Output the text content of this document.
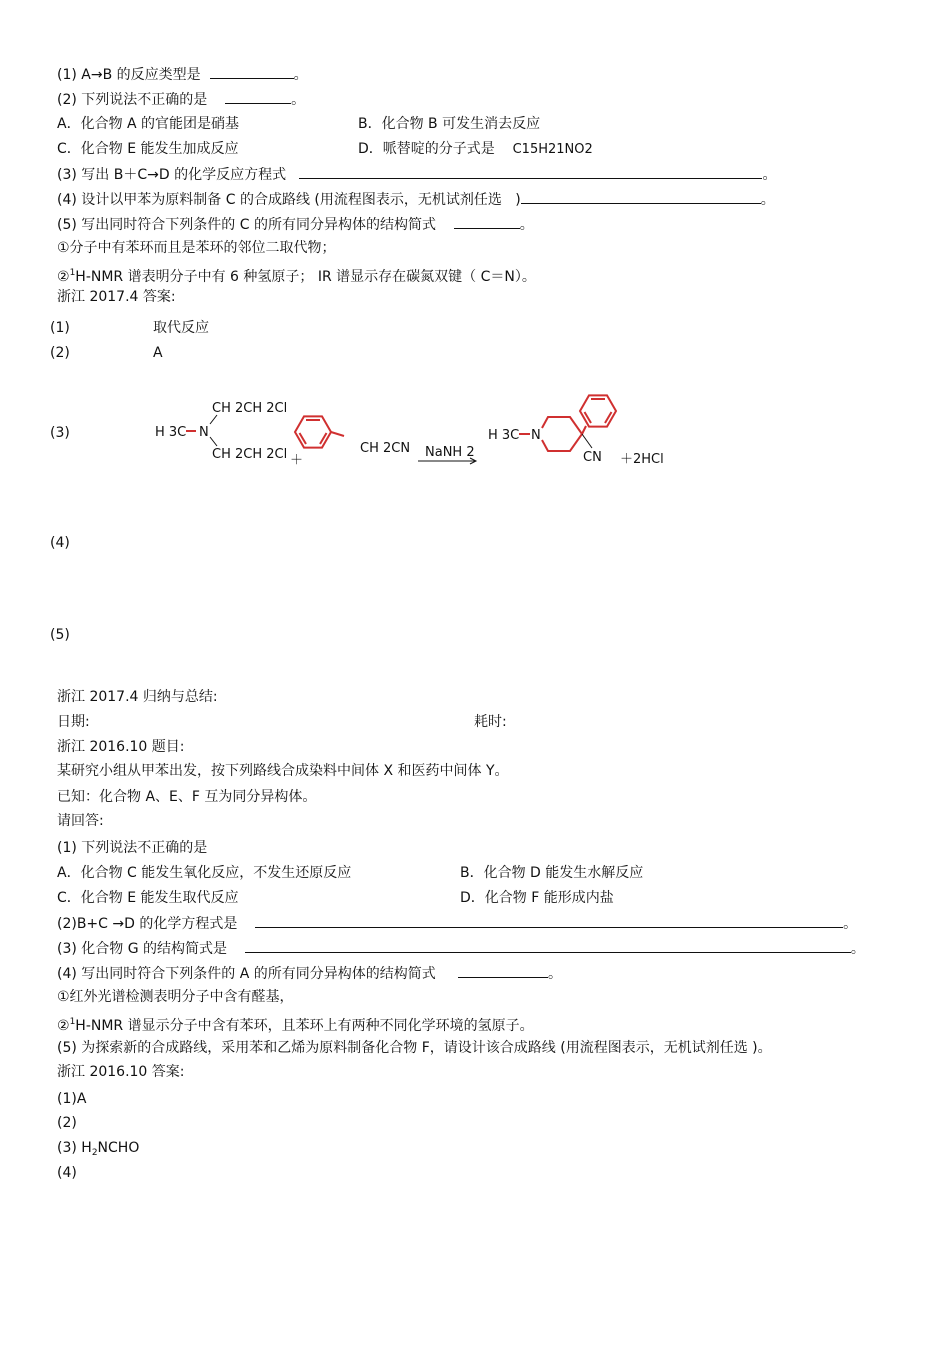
(1) A→B 的反应类型是	。
(2) 下列说法不正确的是	。
A．化合物 A 的官能团是硝基	B．化合物 B 可发生消去反应
C．化合物 E 能发生加成反应	D．哌替啶的分子式是 C15H21NO2
(3) 写出 B＋C→D 的化学反应方程式	。
(4) 设计以甲苯为原料制备 C 的合成路线 (用流程图表示，无机试剂任选 )	。
(5) 写出同时符合下列条件的 C 的所有同分异构体的结构简式	。
①分子中有苯环而且是苯环的邻位二取代物；
②$^1$H-NMR 谱表明分子中有 6 种氢原子； IR 谱显示存在碳氮双键（ C＝N）。
浙江 2017.4 答案:
(1)	取代反应
(2)	A
(3)
CH 2CH 2Cl
H 3C N
CH 2CH 2Cl ＋
CH 2CN NaNH 2
H 3C N
CN ＋2HCl
(4)
(5)
浙江 2017.4 归纳与总结:
日期:	耗时:
浙江 2016.10 题目:
某研究小组从甲苯出发，按下列路线合成染料中间体 X 和医药中间体 Y。
已知：化合物 A、E、F 互为同分异构体。
请回答:
(1) 下列说法不正确的是
A．化合物 C 能发生氧化反应，不发生还原反应	B．化合物 D 能发生水解反应
C．化合物 E 能发生取代反应	D．化合物 F 能形成内盐
(2)B+C →D 的化学方程式是	。
(3) 化合物 G 的结构简式是	。
(4) 写出同时符合下列条件的 A 的所有同分异构体的结构简式	。
①红外光谱检测表明分子中含有醛基，
②$^1$H-NMR 谱显示分子中含有苯环，且苯环上有两种不同化学环境的氢原子。
(5) 为探索新的合成路线，采用苯和乙烯为原料制备化合物 F，请设计该合成路线 (用流程图表示，无机试剂任选 )。
浙江 2016.10 答案:
(1)A
(2)
(3) $H_2NCHO$
(4)
